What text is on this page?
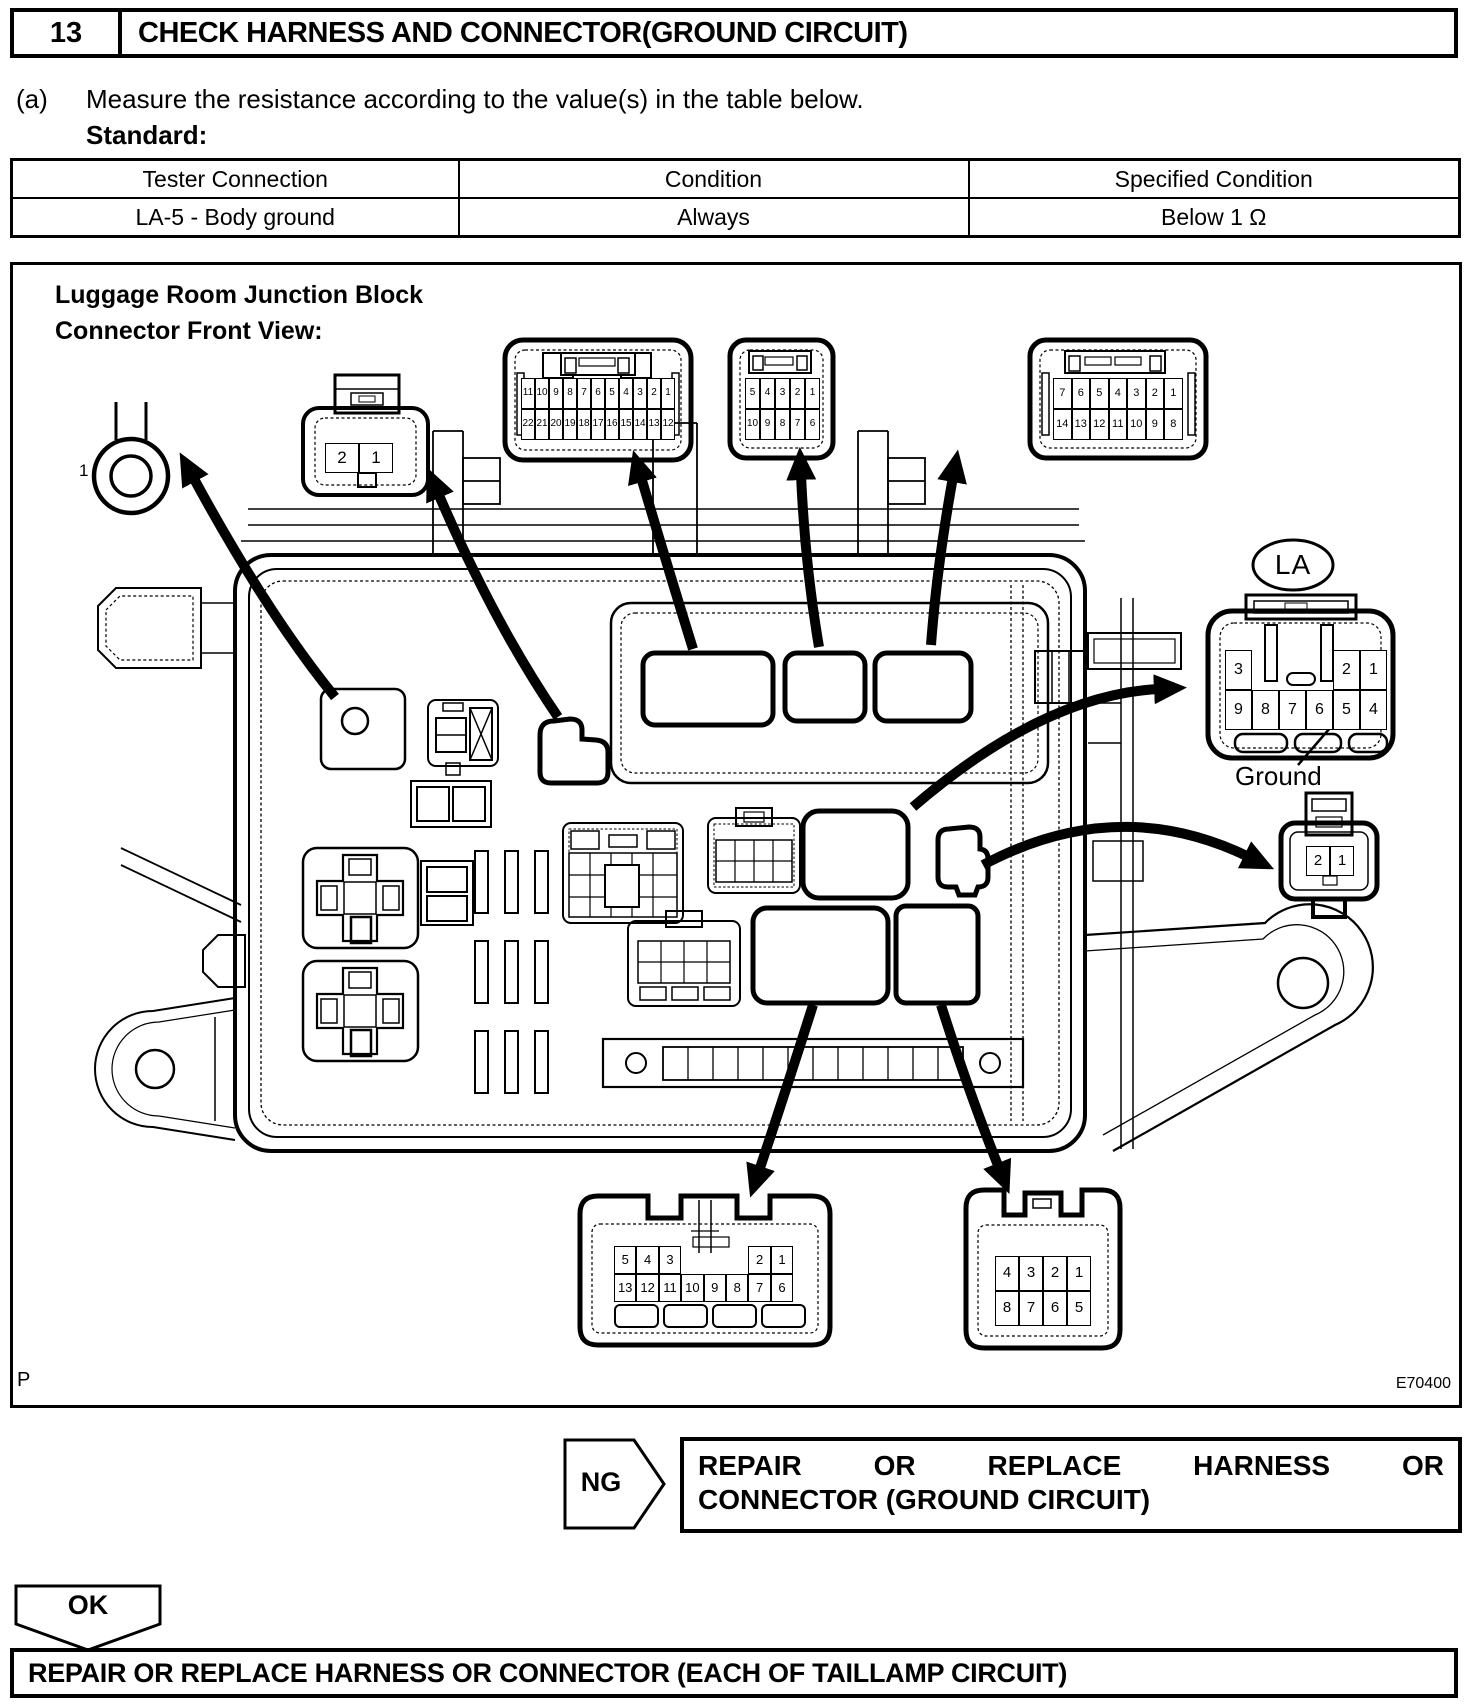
13	CHECK HARNESS AND CONNECTOR(GROUND CIRCUIT)
(a) Measure the resistance according to the value(s) in the table below.
Standard:
Tester Connection	Condition	Specified Condition
LA-5 - Body ground	Always	Below 1 Ω
2	1
11 10 9 8 7 6 5 4 3 2 1
22 21 20 19 18 17 16 15 14 13 12
5 4 3 2 1
10 9 8 7 6
7	6	5	4	3	2	1
14 13 12 11 10 9	8
3	2	1
9	8	7	6	5	4
2	1
5	4	3	2	1
13 12 11 10 9	8	7	6
4	3	2	1
8	7	6	5
Luggage Room Junction Block
Connector Front View:
1
LA
Ground
P	E70400
NG
REPAIR OR REPLACE HARNESS OR
CONNECTOR (GROUND CIRCUIT)
OK
REPAIR OR REPLACE HARNESS OR CONNECTOR (EACH OF TAILLAMP CIRCUIT)
